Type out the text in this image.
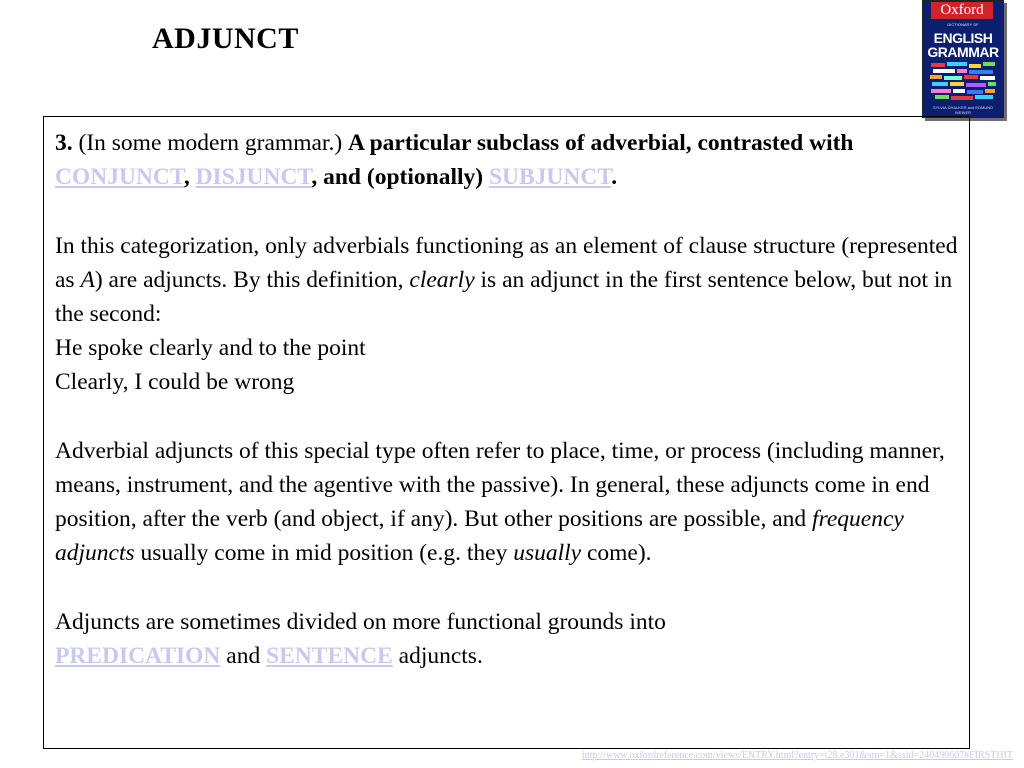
ADJUNCT
Oxford
DICTIONARY OF
ENGLISH
GRAMMAR
SYLVIA CHALKER and EDMUND WEINER

3. (In some modern grammar.) A particular subclass of adverbial, contrasted with CONJUNCT, DISJUNCT, and (optionally) SUBJUNCT.

In this categorization, only adverbials functioning as an element of clause structure (represented as A) are adjuncts. By this definition, clearly is an adjunct in the first sentence below, but not in the second:

He spoke clearly and to the point

Clearly, I could be wrong

Adverbial adjuncts of this special type often refer to place, time, or process (including manner, means, instrument, and the agentive with the passive). In general, these adjuncts come in end position, after the verb (and object, if any). But other positions are possible, and frequency adjuncts usually come in mid position (e.g. they usually come).

Adjuncts are sometimes divided on more functional grounds into
PREDICATION and SENTENCE adjuncts.

http://www.oxfordreference.com/views/ENTRY.html?entry=t28.e301&srn=1&ssid=240490607#FIRSTHIT
